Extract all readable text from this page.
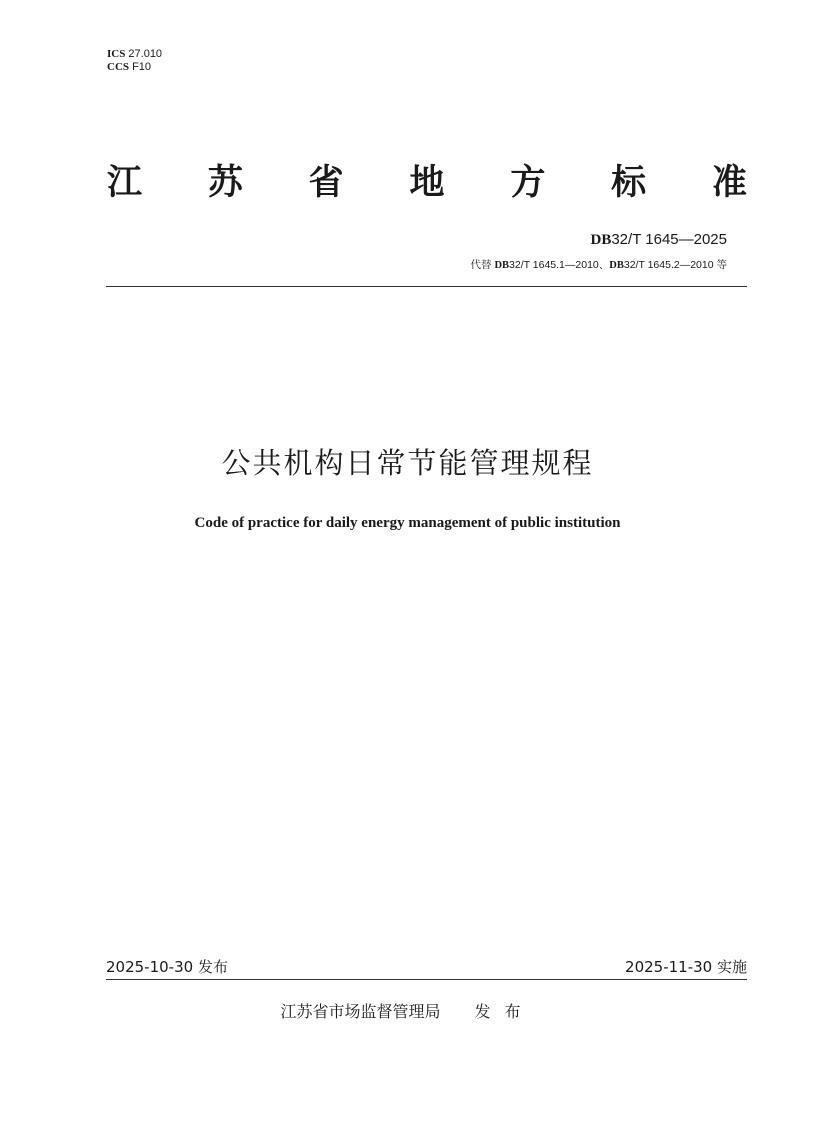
ICS 27.010
CCS F10
江 苏 省 地 方 标 准
DB32/T 1645—2025
代替 DB32/T 1645.1—2010、DB32/T 1645.2—2010 等
公共机构日常节能管理规程
Code of practice for daily energy management of public institution
2025-10-30 发布	2025-11-30 实施
江苏省市场监督管理局 发布
